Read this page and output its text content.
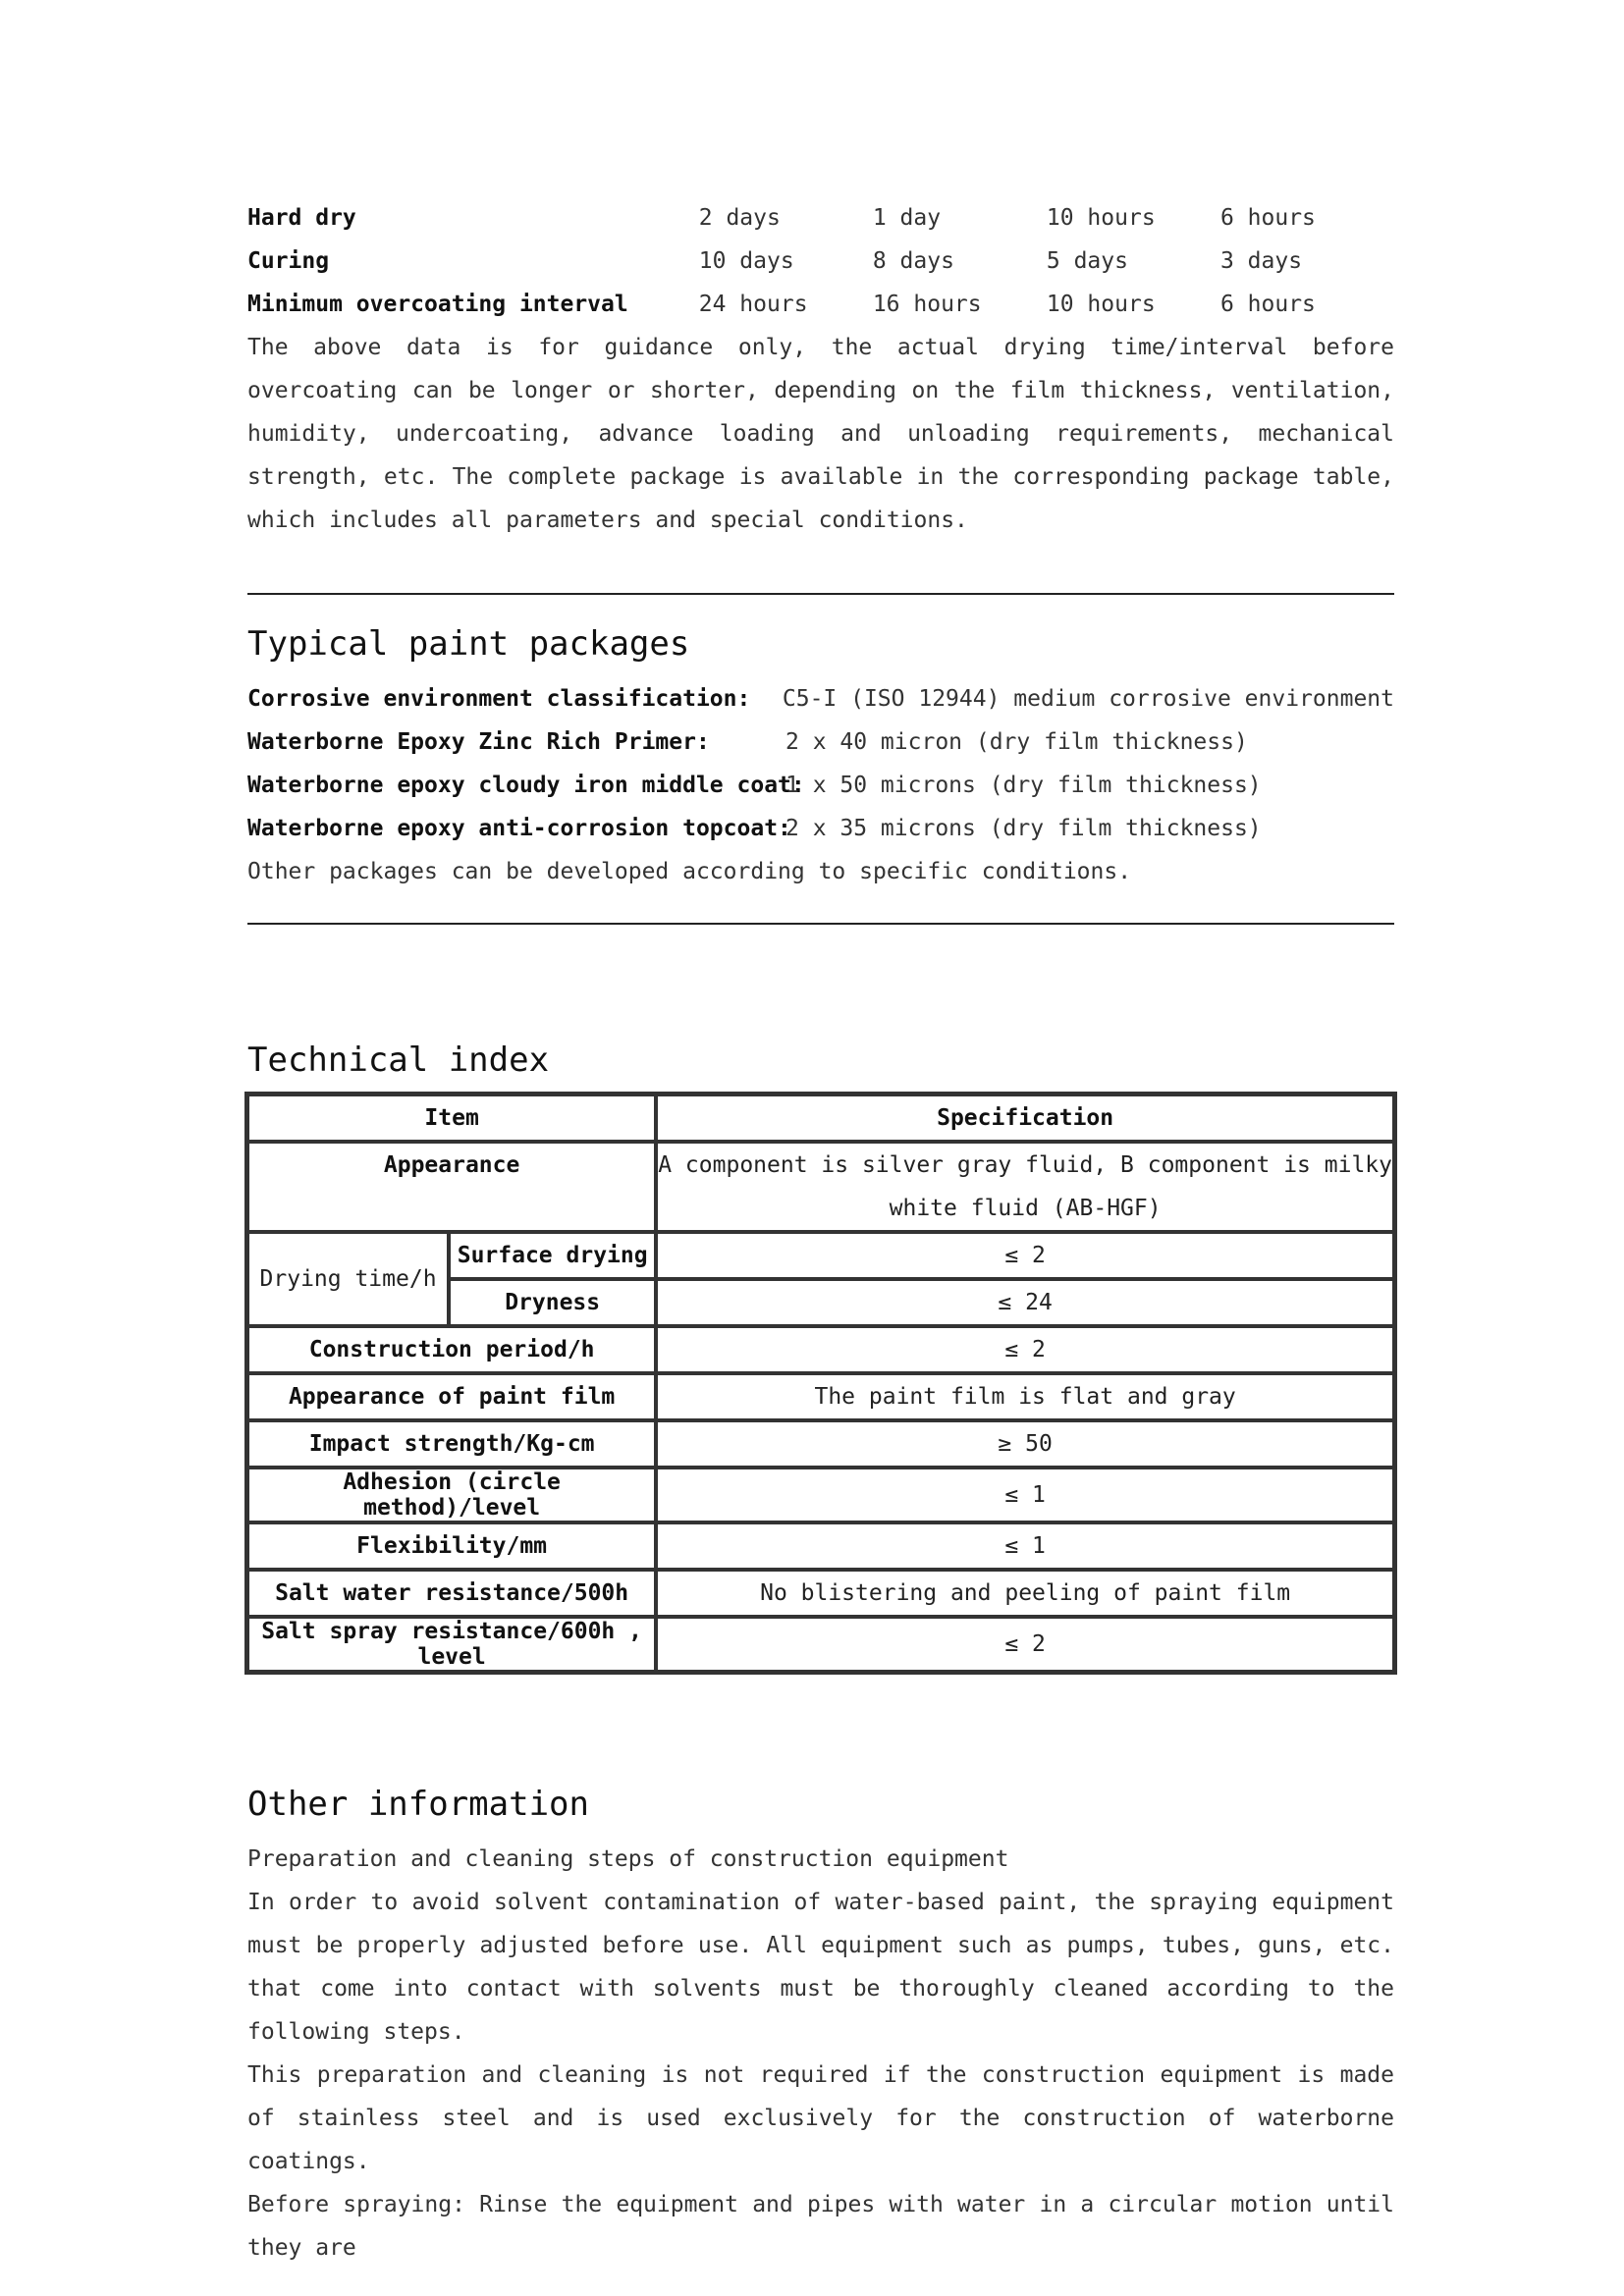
Hard dry	2 days	1 day	10 hours	6 hours
Curing	10 days	8 days	5 days	3 days
Minimum overcoating interval	24 hours	16 hours	10 hours	6 hours

The above data is for guidance only, the actual drying time/interval before overcoating can be longer or shorter, depending on the film thickness, ventilation, humidity, undercoating, advance loading and unloading requirements, mechanical strength, etc. The complete package is available in the corresponding package table, which includes all parameters and special conditions.

Typical paint packages
Corrosive environment classification:	C5-I (ISO 12944) medium corrosive environment
Waterborne Epoxy Zinc Rich Primer:	2 x 40 micron (dry film thickness)
Waterborne epoxy cloudy iron middle coat:
1 x 50 microns (dry film thickness)
Waterborne epoxy anti-corrosion topcoat:
2 x 35 microns (dry film thickness)

Other packages can be developed according to specific conditions.

Technical index
Item		Specification
Appearance		A component is silver gray fluid, B component is milky
white fluid (AB-HGF)

Drying time/h	Surface drying	≤ 2
	Dryness	≤ 24
Construction period/h		≤ 2
Appearance of paint film		The paint film is flat and gray
Impact strength/Kg-cm		≥ 50
Adhesion (circle method)/level		≤ 1
Flexibility/mm		≤ 1
Salt water resistance/500h		No blistering and peeling of paint film
Salt spray resistance/600h , level		≤ 2
Other information

Preparation and cleaning steps of construction equipment

In order to avoid solvent contamination of water-based paint, the spraying equipment must be properly adjusted before use. All equipment such as pumps, tubes, guns, etc. that come into contact with solvents must be thoroughly cleaned according to the following steps.

This preparation and cleaning is not required if the construction equipment is made of stainless steel and is used exclusively for the construction of waterborne coatings.

Before spraying: Rinse the equipment and pipes with water in a circular motion until they are
